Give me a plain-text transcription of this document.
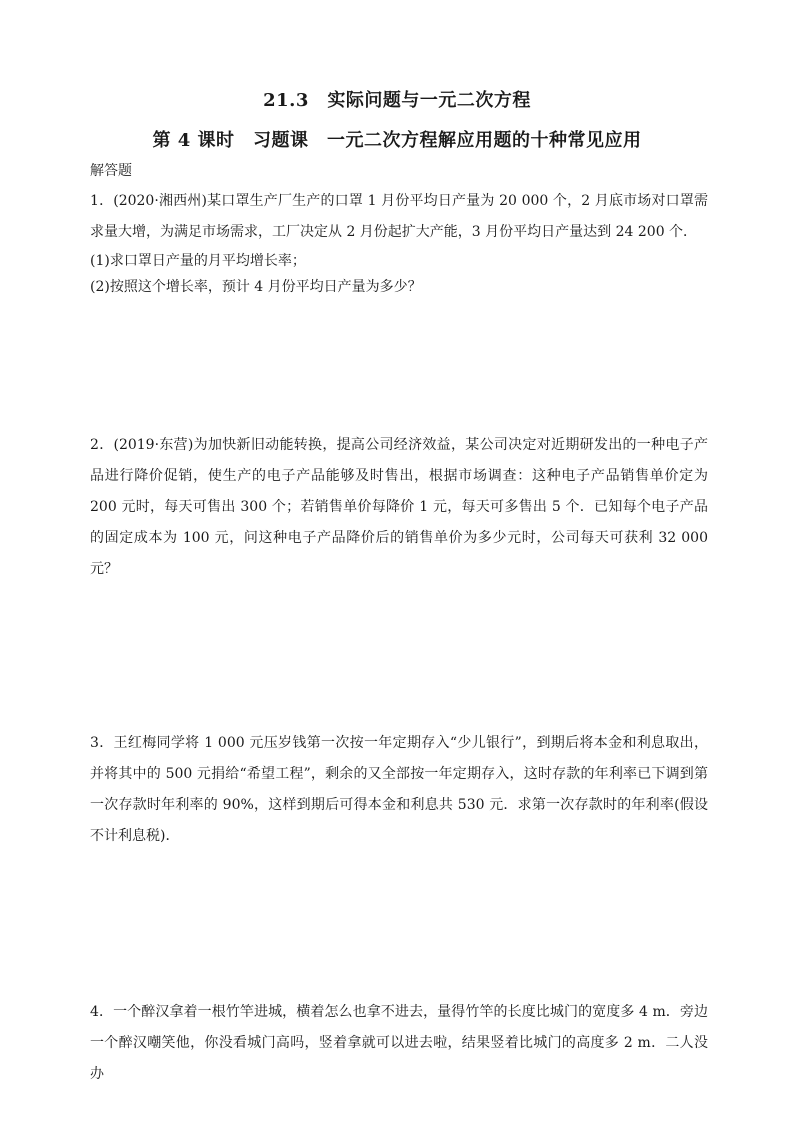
21.3　实际问题与一元二次方程
第 4 课时　习题课　一元二次方程解应用题的十种常见应用
解答题
1．(2020·湘西州)某口罩生产厂生产的口罩 1 月份平均日产量为 20 000 个，2 月底市场对口罩需求量大增，为满足市场需求，工厂决定从 2 月份起扩大产能，3 月份平均日产量达到 24 200 个．
(1)求口罩日产量的月平均增长率；
(2)按照这个增长率，预计 4 月份平均日产量为多少？
2．(2019·东营)为加快新旧动能转换，提高公司经济效益，某公司决定对近期研发出的一种电子产品进行降价促销，使生产的电子产品能够及时售出，根据市场调查：这种电子产品销售单价定为 200 元时，每天可售出 300 个；若销售单价每降价 1 元，每天可多售出 5 个．已知每个电子产品的固定成本为 100 元，问这种电子产品降价后的销售单价为多少元时，公司每天可获利 32 000 元？
3．王红梅同学将 1 000 元压岁钱第一次按一年定期存入“少儿银行”，到期后将本金和利息取出，并将其中的 500 元捐给“希望工程”，剩余的又全部按一年定期存入，这时存款的年利率已下调到第一次存款时年利率的 90%，这样到期后可得本金和利息共 530 元．求第一次存款时的年利率(假设不计利息税)．
4．一个醉汉拿着一根竹竿进城，横着怎么也拿不进去，量得竹竿的长度比城门的宽度多 4 m．旁边一个醉汉嘲笑他，你没看城门高吗，竖着拿就可以进去啦，结果竖着比城门的高度多 2 m．二人没办
